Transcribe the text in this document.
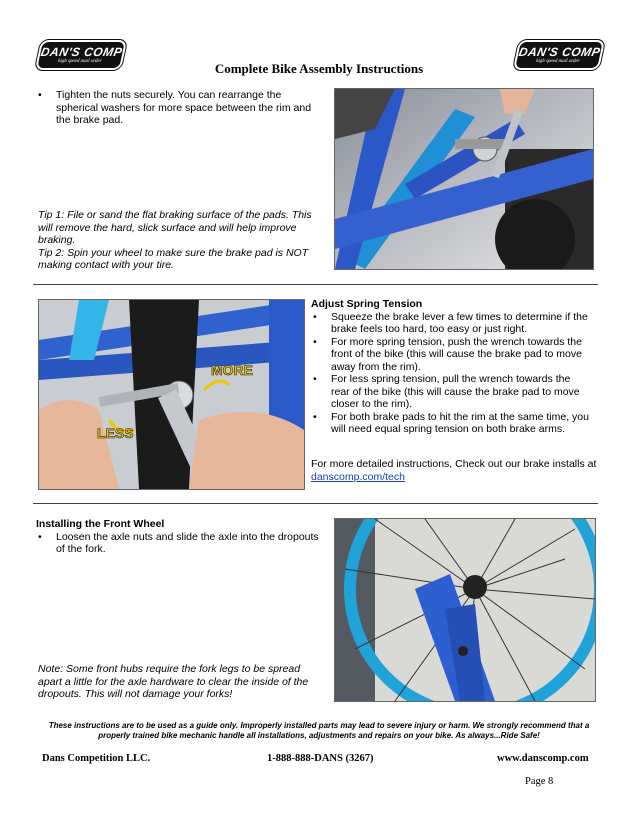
DAN'S COMP
high speed mail order
DAN'S COMP
high speed mail order
Complete Bike Assembly Instructions
• Tighten the nuts securely. You can rearrange the spherical washers for more space between the rim and the brake pad.
Tip 1: File or sand the flat braking surface of the pads. This will remove the hard, slick surface and will help improve braking.
Tip 2: Spin your wheel to make sure the brake pad is NOT making contact with your tire.
MORE
LESS
Adjust Spring Tension
• Squeeze the brake lever a few times to determine if the brake feels too hard, too easy or just right.
• For more spring tension, push the wrench towards the front of the bike (this will cause the brake pad to move away from the rim).
• For less spring tension, pull the wrench towards the rear of the bike (this will cause the brake pad to move closer to the rim).
• For both brake pads to hit the rim at the same time, you will need equal spring tension on both brake arms.
For more detailed instructions, Check out our brake installs at danscomp.com/tech
Installing the Front Wheel
• Loosen the axle nuts and slide the axle into the dropouts of the fork.
Note: Some front hubs require the fork legs to be spread apart a little for the axle hardware to clear the inside of the dropouts. This will not damage your forks!
These instructions are to be used as a guide only. Improperly installed parts may lead to severe injury or harm. We strongly recommend that a properly trained bike mechanic handle all installations, adjustments and repairs on your bike. As always...Ride Safe!
Dans Competition LLC.	1-888-888-DANS (3267)	www.danscomp.com
Page 8
